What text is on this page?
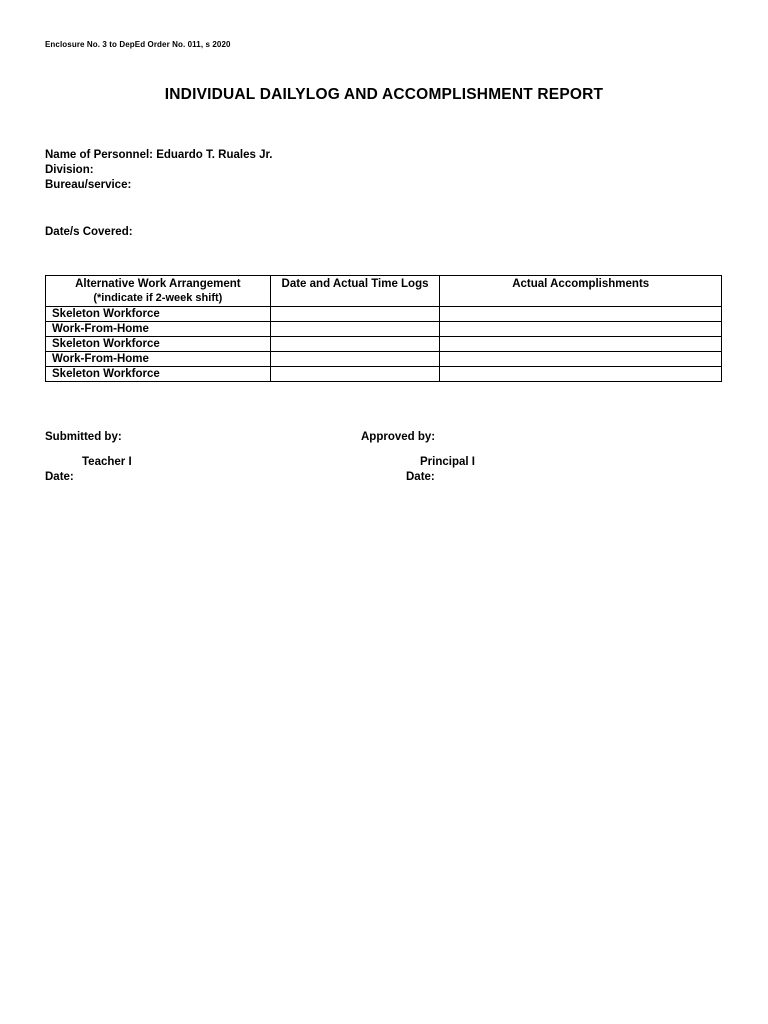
Enclosure No. 3 to DepEd Order No. 011, s 2020
INDIVIDUAL DAILYLOG AND ACCOMPLISHMENT REPORT
Name of Personnel: Eduardo T. Ruales Jr.
Division:
Bureau/service:
Date/s Covered:
Alternative Work Arrangement
(*indicate if 2-week shift)	Date and Actual Time Logs	Actual Accomplishments
Skeleton Workforce		
Work-From-Home		
Skeleton Workforce		
Work-From-Home		
Skeleton Workforce		
Submitted by:
Teacher I
Date:
Approved by:
Principal I
Date:
